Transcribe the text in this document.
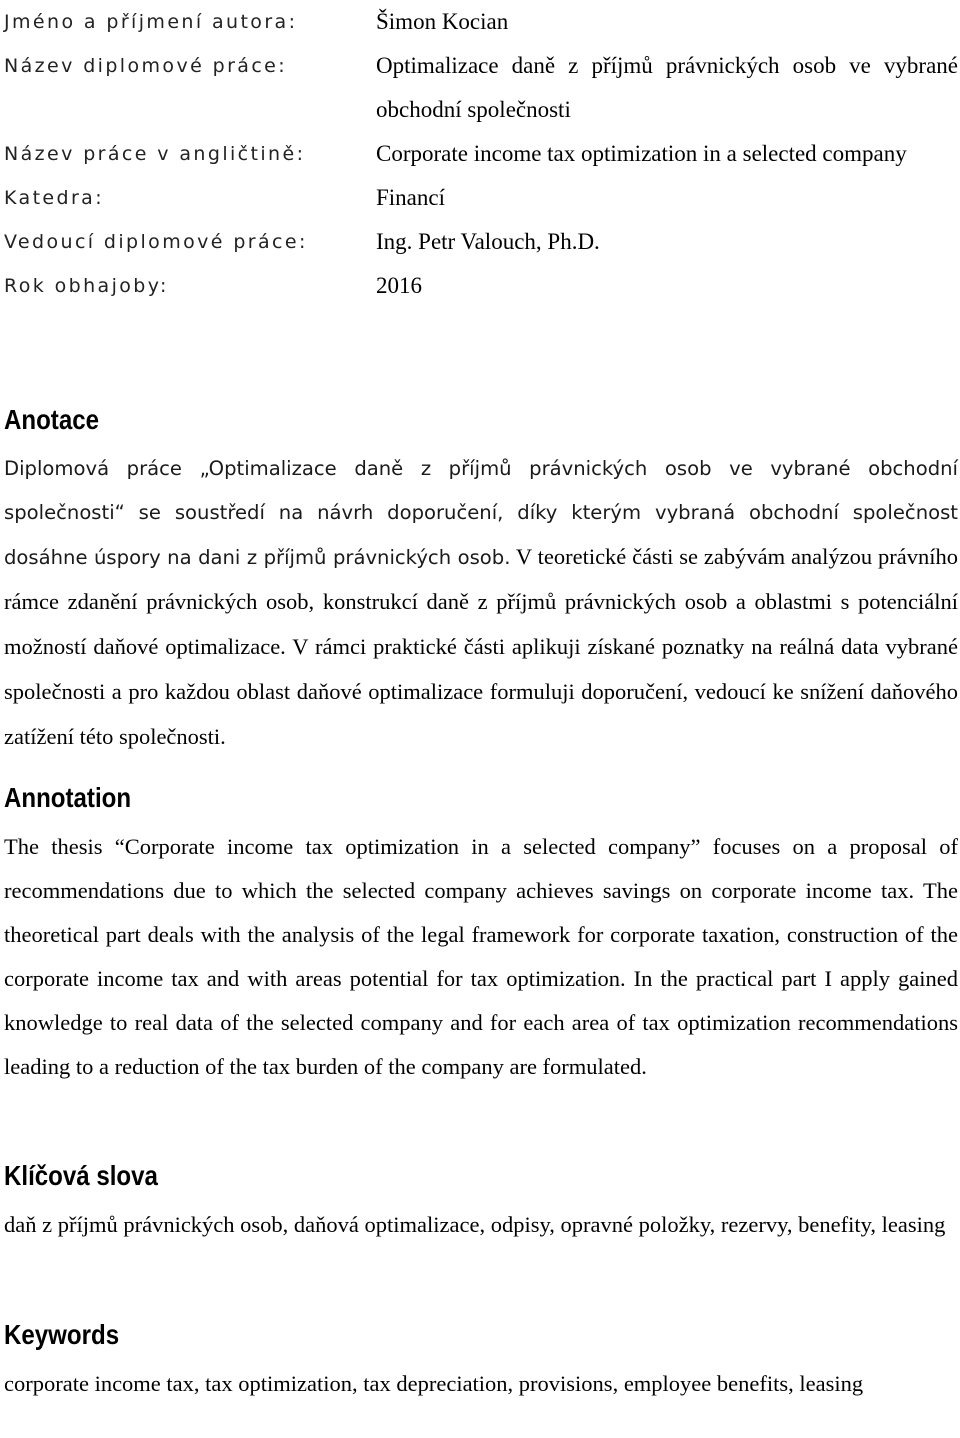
Jméno a příjmení autora:	Šimon Kocian
Název diplomové práce:	Optimalizace daně z příjmů právnických osob ve vybrané obchodní společnosti
Název práce v angličtině:	Corporate income tax optimization in a selected company
Katedra:	Financí
Vedoucí diplomové práce:	Ing. Petr Valouch, Ph.D.
Rok obhajoby:	2016
Anotace

Diplomová práce „Optimalizace daně z příjmů právnických osob ve vybrané obchodní společnosti“ se soustředí na návrh doporučení, díky kterým vybraná obchodní společnost dosáhne úspory na dani z příjmů právnických osob. V teoretické části se zabývám analýzou právního rámce zdanění právnických osob, konstrukcí daně z příjmů právnických osob a oblastmi s potenciální možností daňové optimalizace. V rámci praktické části aplikuji získané poznatky na reálná data vybrané společnosti a pro každou oblast daňové optimalizace formuluji doporučení, vedoucí ke snížení daňového zatížení této společnosti.

Annotation

The thesis “Corporate income tax optimization in a selected company” focuses on a proposal of recommendations due to which the selected company achieves savings on corporate income tax. The theoretical part deals with the analysis of the legal framework for corporate taxation, construction of the corporate income tax and with areas potential for tax optimization. In the practical part I apply gained knowledge to real data of the selected company and for each area of tax optimization recommendations leading to a reduction of the tax burden of the company are formulated.

Klíčová slova

daň z příjmů právnických osob, daňová optimalizace, odpisy, opravné položky, rezervy, benefity, leasing

Keywords

corporate income tax, tax optimization, tax depreciation, provisions, employee benefits, leasing
